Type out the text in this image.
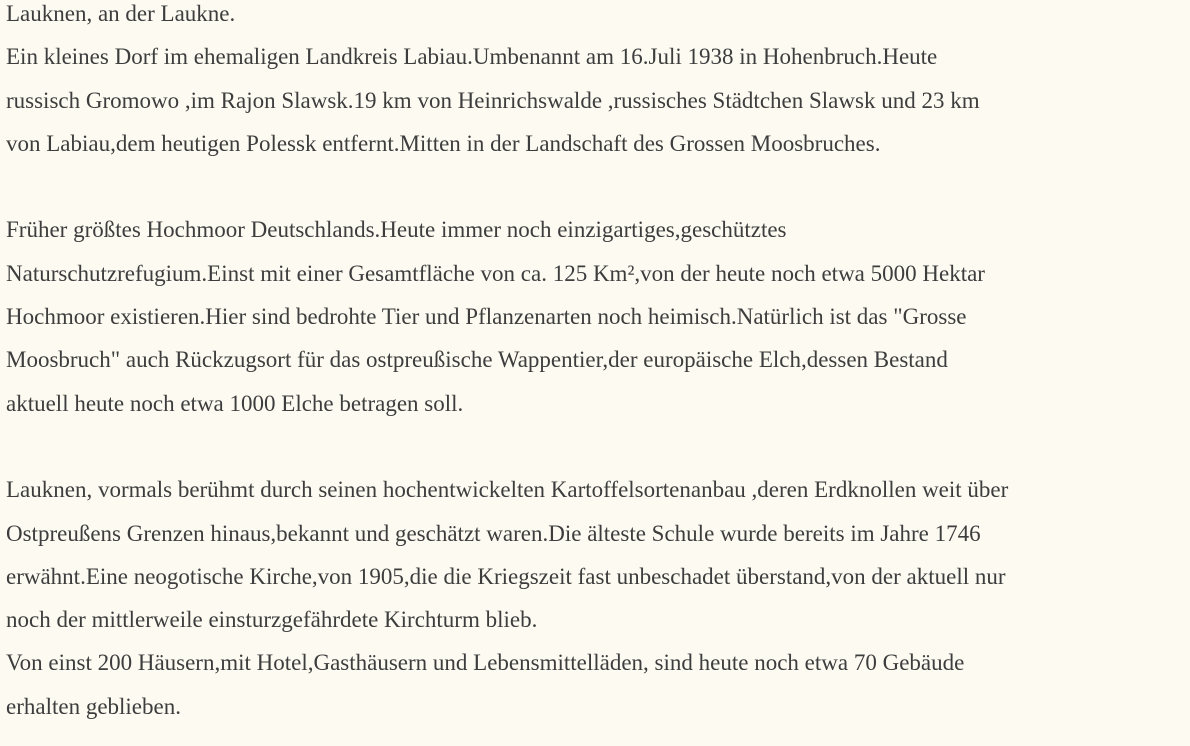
Lauknen, an der Laukne.
Ein kleines Dorf im ehemaligen Landkreis Labiau.Umbenannt am 16.Juli 1938 in Hohenbruch.Heute
russisch Gromowo ,im Rajon Slawsk.19 km von Heinrichswalde ,russisches Städtchen Slawsk und 23 km
von Labiau,dem heutigen Polessk entfernt.Mitten in der Landschaft des Grossen Moosbruches.
Früher größtes Hochmoor Deutschlands.Heute immer noch einzigartiges,geschütztes
Naturschutzrefugium.Einst mit einer Gesamtfläche von ca. 125 Km²,von der heute noch etwa 5000 Hektar
Hochmoor existieren.Hier sind bedrohte Tier und Pflanzenarten noch heimisch.Natürlich ist das "Grosse
Moosbruch" auch Rückzugsort für das ostpreußische Wappentier,der europäische Elch,dessen Bestand
aktuell heute noch etwa 1000 Elche betragen soll.
Lauknen, vormals berühmt durch seinen hochentwickelten Kartoffelsortenanbau ,deren Erdknollen weit über
Ostpreußens Grenzen hinaus,bekannt und geschätzt waren.Die älteste Schule wurde bereits im Jahre 1746
erwähnt.Eine neogotische Kirche,von 1905,die die Kriegszeit fast unbeschadet überstand,von der aktuell nur
noch der mittlerweile einsturzgefährdete Kirchturm blieb.
Von einst 200 Häusern,mit Hotel,Gasthäusern und Lebensmittelläden, sind heute noch etwa 70 Gebäude
erhalten geblieben.
